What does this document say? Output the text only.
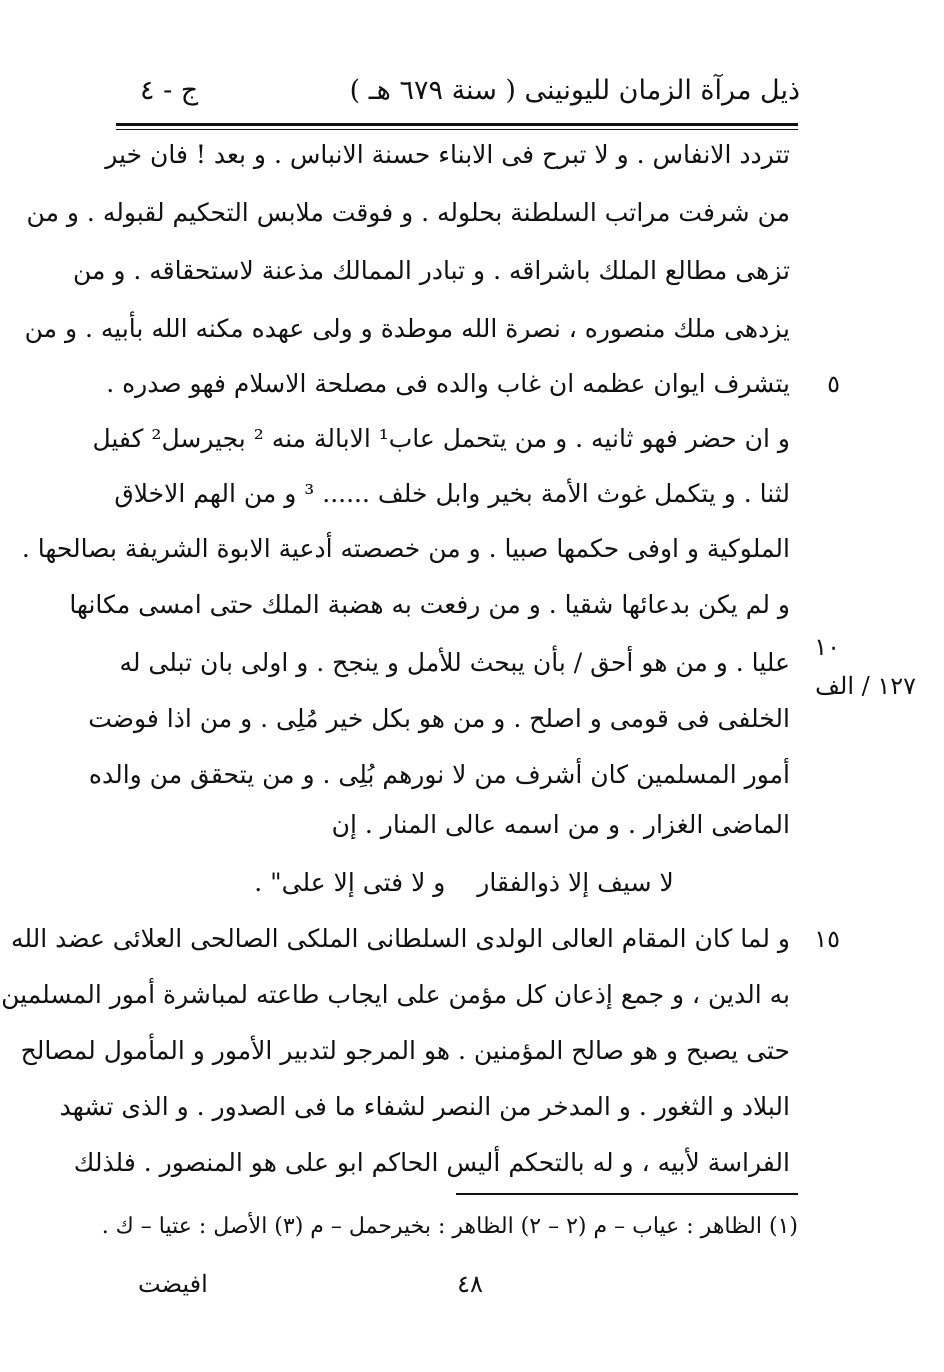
ذيل مرآة الزمان لليونينى ( سنة ٦٧٩ هـ )
ج - ٤
تتردد الانفاس . و لا تبرح فى الابناء حسنة الانباس . و بعد ! فان خير
من شرفت مراتب السلطنة بحلوله . و فوقت ملابس التحكيم لقبوله . و من
تزهى مطالع الملك باشراقه . و تبادر الممالك مذعنة لاستحقاقه . و من
يزدهى ملك منصوره ، نصرة الله موطدة و ولى عهده مكنه الله بأبيه . و من
يتشرف ايوان عظمه ان غاب والده فى مصلحة الاسلام فهو صدره .
و ان حضر فهو ثانيه . و من يتحمل عاب¹ الابالة منه ² بجيرسل² كفيل
لثنا . و يتكمل غوث الأمة بخير وابل خلف ...... ³ و من الهم الاخلاق
الملوكية و اوفى حكمها صبيا . و من خصصته أدعية الابوة الشريفة بصالحها .
و لم يكن بدعائها شقيا . و من رفعت به هضبة الملك حتى امسى مكانها
عليا . و من هو أحق / بأن يبحث للأمل و ينجح . و اولى بان تبلى له
الخلفى فى قومى و اصلح . و من هو بكل خير مُلِى . و من اذا فوضت
أمور المسلمين كان أشرف من لا نورهم بُلِى . و من يتحقق من والده
الماضى الغزار . و من اسمه عالى المنار . إن
لا سيف إلا ذوالفقار و لا فتى إلا على" .
و لما كان المقام العالى الولدى السلطانى الملكى الصالحى العلائى عضد الله
به الدين ، و جمع إذعان كل مؤمن على ايجاب طاعته لمباشرة أمور المسلمين
حتى يصبح و هو صالح المؤمنين . هو المرجو لتدبير الأمور و المأمول لمصالح
البلاد و الثغور . و المدخر من النصر لشفاء ما فى الصدور . و الذى تشهد
الفراسة لأبيه ، و له بالتحكم أليس الحاكم ابو على هو المنصور . فلذلك
٥
١٠
١٥
١٢٧ / الف
(١) الظاهر : عياب – م (٢ – ٢) الظاهر : بخيرحمل – م (٣) الأصل : عتيا – ك .
٤٨
افيضت
